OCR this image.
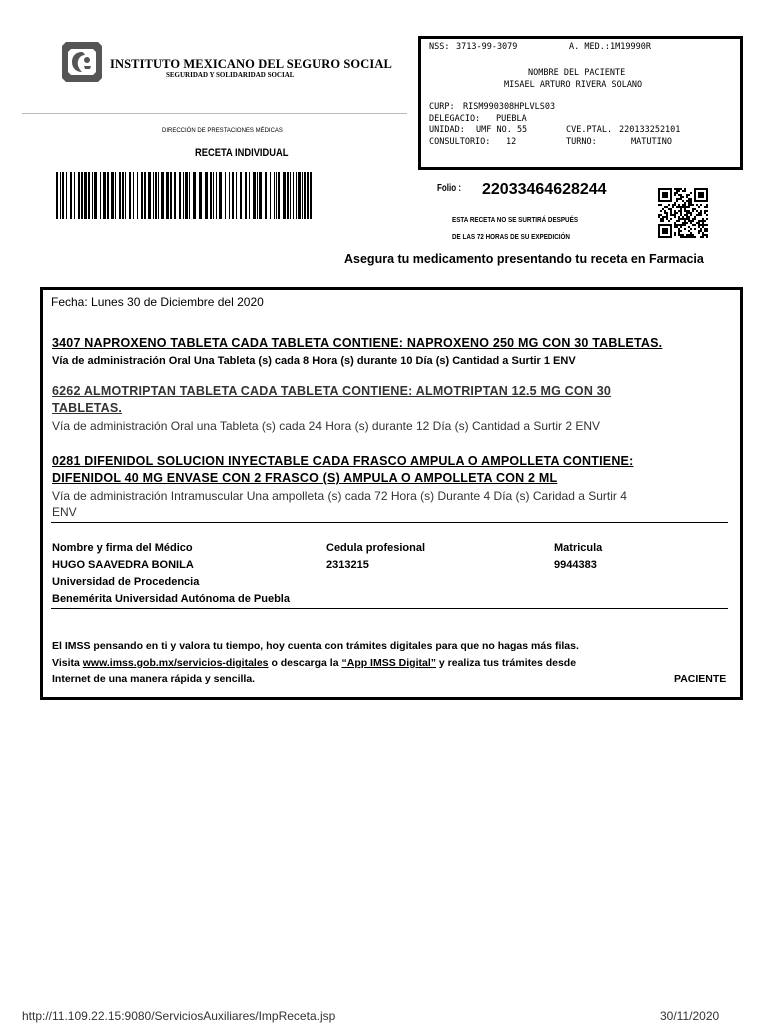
INSTITUTO MEXICANO DEL SEGURO SOCIAL
SEGURIDAD Y SOLIDARIDAD SOCIAL
DIRECCIÓN DE PRESTACIONES MÉDICAS
RECETA INDIVIDUAL
NSS: 3713-99-3079	A. MED.: 1M19990R
NOMBRE DEL PACIENTE
MISAEL ARTURO RIVERA SOLANO
CURP: RISM990308HPLVLS03
DELEGACIO: PUEBLA
UNIDAD: UMF NO. 55	CVE.PTAL. 220133252101
CONSULTORIO: 12	TURNO:	MATUTINO
Folio : 22033464628244
ESTA RECETA NO SE SURTIRÁ DESPUÉS
DE LAS 72 HORAS DE SU EXPEDICIÓN
Asegura tu medicamento presentando tu receta en Farmacia
Fecha: Lunes 30 de Diciembre del 2020
3407 NAPROXENO TABLETA CADA TABLETA CONTIENE: NAPROXENO 250 MG CON 30 TABLETAS.
Vía de administración Oral Una Tableta (s) cada 8 Hora (s) durante 10 Día (s) Cantidad a Surtir 1 ENV
6262 ALMOTRIPTAN TABLETA CADA TABLETA CONTIENE: ALMOTRIPTAN 12.5 MG CON 30
TABLETAS.
Vía de administración Oral una Tableta (s) cada 24 Hora (s) durante 12 Día (s) Cantidad a Surtir 2 ENV
0281 DIFENIDOL SOLUCION INYECTABLE CADA FRASCO AMPULA O AMPOLLETA CONTIENE:
DIFENIDOL 40 MG ENVASE CON 2 FRASCO (S) AMPULA O AMPOLLETA CON 2 ML
Vía de administración Intramuscular Una ampolleta (s) cada 72 Hora (s) Durante 4 Día (s) Caridad a Surtir 4
ENV
Nombre y firma del Médico	Cedula profesional	Matricula
HUGO SAAVEDRA BONILA	2313215	9944383
Universidad de Procedencia
Benemérita Universidad Autónoma de Puebla
El IMSS pensando en ti y valora tu tiempo, hoy cuenta con trámites digitales para que no hagas más filas.
Visita www.imss.gob.mx/servicios-digitales o descarga la “App IMSS Digital” y realiza tus trámites desde
Internet de una manera rápida y sencilla.	PACIENTE
http://11.109.22.15:9080/ServiciosAuxiliares/ImpReceta.jsp	30/11/2020
